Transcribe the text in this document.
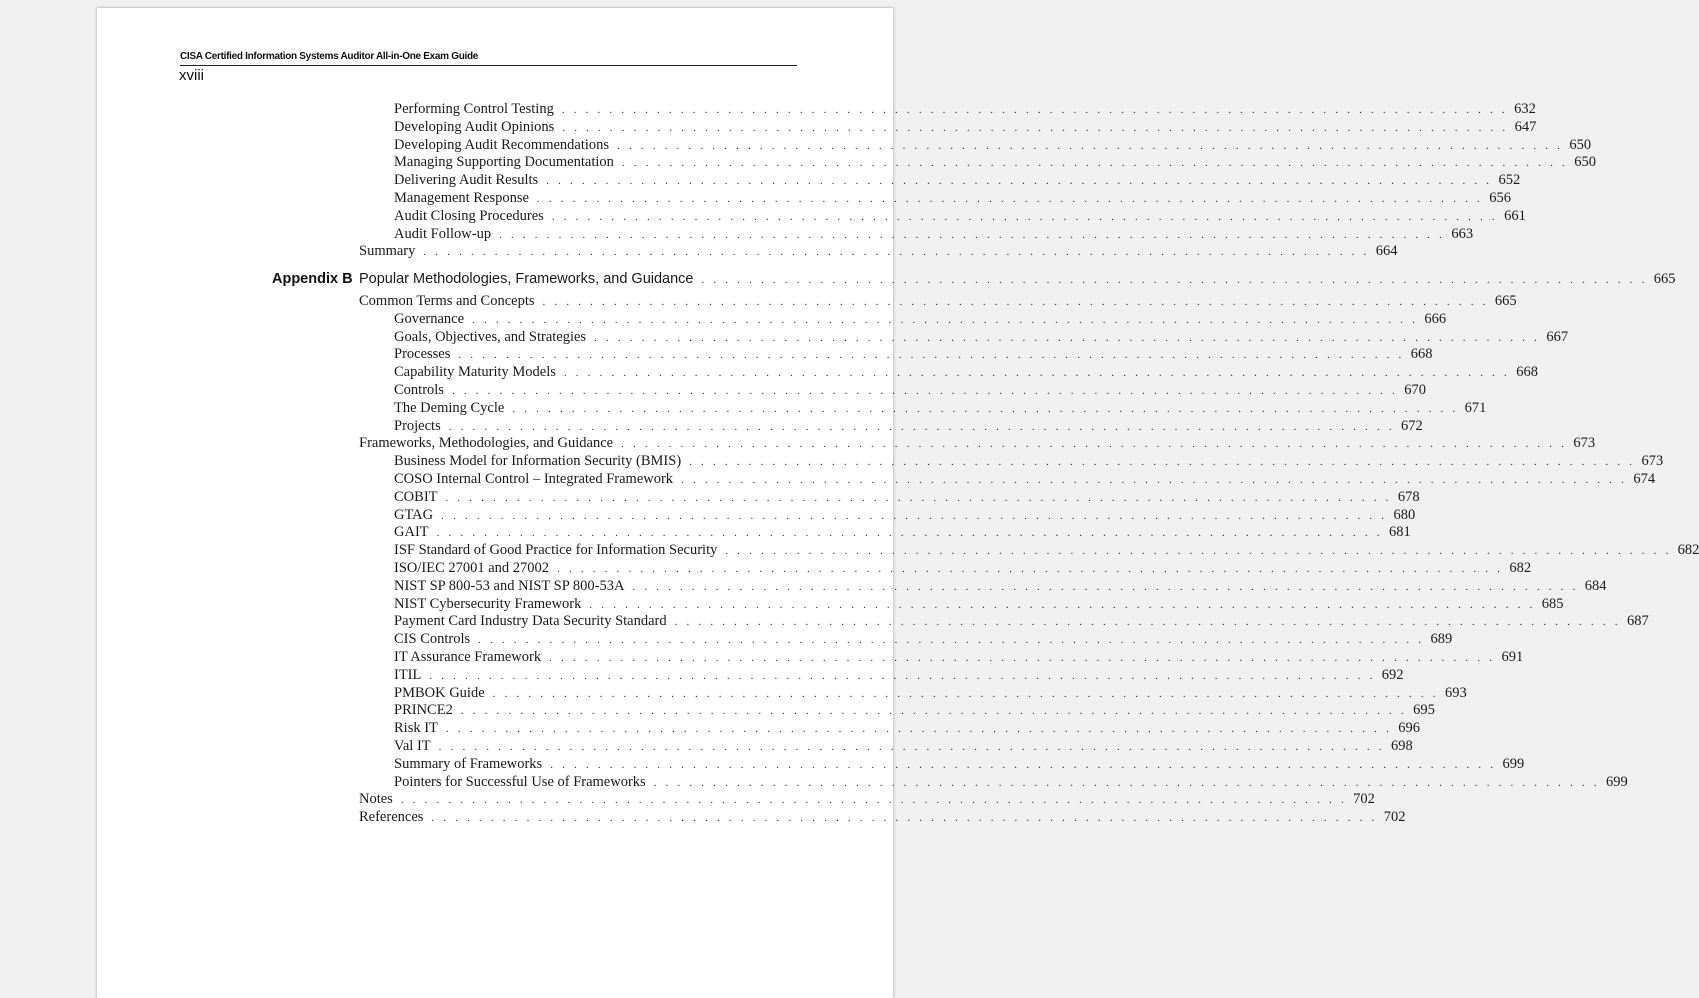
CISA Certified Information Systems Auditor All-in-One Exam Guide
xviii
Appendix B Popular Methodologies, Frameworks, and Guidance . . . . . . . . . . . . . . . . . . . . . . . . . . . . . . . . . . . . . . . . . . . . . . . . . . . . . . . . . . . . . . . . . . . . . . . . . . . . . . . . 665
Performing Control Testing . . . . . . . . . . . . . . . . . . . . . . . . . . . . . . . . . . . . . . . . . . . . . . . . . . . . . . . . . . . . . . . . . . . . . . . . . . . . . . . . 632
Developing Audit Opinions . . . . . . . . . . . . . . . . . . . . . . . . . . . . . . . . . . . . . . . . . . . . . . . . . . . . . . . . . . . . . . . . . . . . . . . . . . . . . . . . 647
Developing Audit Recommendations . . . . . . . . . . . . . . . . . . . . . . . . . . . . . . . . . . . . . . . . . . . . . . . . . . . . . . . . . . . . . . . . . . . . . . . . . . . . . . . . 650
Managing Supporting Documentation . . . . . . . . . . . . . . . . . . . . . . . . . . . . . . . . . . . . . . . . . . . . . . . . . . . . . . . . . . . . . . . . . . . . . . . . . . . . . . . . 650
Delivering Audit Results . . . . . . . . . . . . . . . . . . . . . . . . . . . . . . . . . . . . . . . . . . . . . . . . . . . . . . . . . . . . . . . . . . . . . . . . . . . . . . . . 652
Management Response . . . . . . . . . . . . . . . . . . . . . . . . . . . . . . . . . . . . . . . . . . . . . . . . . . . . . . . . . . . . . . . . . . . . . . . . . . . . . . . . 656
Audit Closing Procedures . . . . . . . . . . . . . . . . . . . . . . . . . . . . . . . . . . . . . . . . . . . . . . . . . . . . . . . . . . . . . . . . . . . . . . . . . . . . . . . . 661
Audit Follow-up . . . . . . . . . . . . . . . . . . . . . . . . . . . . . . . . . . . . . . . . . . . . . . . . . . . . . . . . . . . . . . . . . . . . . . . . . . . . . . . . 663
Summary . . . . . . . . . . . . . . . . . . . . . . . . . . . . . . . . . . . . . . . . . . . . . . . . . . . . . . . . . . . . . . . . . . . . . . . . . . . . . . . . 664
Common Terms and Concepts . . . . . . . . . . . . . . . . . . . . . . . . . . . . . . . . . . . . . . . . . . . . . . . . . . . . . . . . . . . . . . . . . . . . . . . . . . . . . . . . 665
Governance . . . . . . . . . . . . . . . . . . . . . . . . . . . . . . . . . . . . . . . . . . . . . . . . . . . . . . . . . . . . . . . . . . . . . . . . . . . . . . . . 666
Goals, Objectives, and Strategies . . . . . . . . . . . . . . . . . . . . . . . . . . . . . . . . . . . . . . . . . . . . . . . . . . . . . . . . . . . . . . . . . . . . . . . . . . . . . . . . 667
Processes . . . . . . . . . . . . . . . . . . . . . . . . . . . . . . . . . . . . . . . . . . . . . . . . . . . . . . . . . . . . . . . . . . . . . . . . . . . . . . . . 668
Capability Maturity Models . . . . . . . . . . . . . . . . . . . . . . . . . . . . . . . . . . . . . . . . . . . . . . . . . . . . . . . . . . . . . . . . . . . . . . . . . . . . . . . . 668
Controls . . . . . . . . . . . . . . . . . . . . . . . . . . . . . . . . . . . . . . . . . . . . . . . . . . . . . . . . . . . . . . . . . . . . . . . . . . . . . . . . 670
The Deming Cycle . . . . . . . . . . . . . . . . . . . . . . . . . . . . . . . . . . . . . . . . . . . . . . . . . . . . . . . . . . . . . . . . . . . . . . . . . . . . . . . . 671
Projects . . . . . . . . . . . . . . . . . . . . . . . . . . . . . . . . . . . . . . . . . . . . . . . . . . . . . . . . . . . . . . . . . . . . . . . . . . . . . . . . 672
Frameworks, Methodologies, and Guidance . . . . . . . . . . . . . . . . . . . . . . . . . . . . . . . . . . . . . . . . . . . . . . . . . . . . . . . . . . . . . . . . . . . . . . . . . . . . . . . . 673
Business Model for Information Security (BMIS) . . . . . . . . . . . . . . . . . . . . . . . . . . . . . . . . . . . . . . . . . . . . . . . . . . . . . . . . . . . . . . . . . . . . . . . . . . . . . . . . 673
COSO Internal Control – Integrated Framework . . . . . . . . . . . . . . . . . . . . . . . . . . . . . . . . . . . . . . . . . . . . . . . . . . . . . . . . . . . . . . . . . . . . . . . . . . . . . . . . 674
COBIT . . . . . . . . . . . . . . . . . . . . . . . . . . . . . . . . . . . . . . . . . . . . . . . . . . . . . . . . . . . . . . . . . . . . . . . . . . . . . . . . 678
GTAG . . . . . . . . . . . . . . . . . . . . . . . . . . . . . . . . . . . . . . . . . . . . . . . . . . . . . . . . . . . . . . . . . . . . . . . . . . . . . . . . 680
GAIT . . . . . . . . . . . . . . . . . . . . . . . . . . . . . . . . . . . . . . . . . . . . . . . . . . . . . . . . . . . . . . . . . . . . . . . . . . . . . . . . 681
ISF Standard of Good Practice for Information Security . . . . . . . . . . . . . . . . . . . . . . . . . . . . . . . . . . . . . . . . . . . . . . . . . . . . . . . . . . . . . . . . . . . . . . . . . . . . . . . . 682
ISO/IEC 27001 and 27002 . . . . . . . . . . . . . . . . . . . . . . . . . . . . . . . . . . . . . . . . . . . . . . . . . . . . . . . . . . . . . . . . . . . . . . . . . . . . . . . . 682
NIST SP 800-53 and NIST SP 800-53A . . . . . . . . . . . . . . . . . . . . . . . . . . . . . . . . . . . . . . . . . . . . . . . . . . . . . . . . . . . . . . . . . . . . . . . . . . . . . . . . 684
NIST Cybersecurity Framework . . . . . . . . . . . . . . . . . . . . . . . . . . . . . . . . . . . . . . . . . . . . . . . . . . . . . . . . . . . . . . . . . . . . . . . . . . . . . . . . 685
Payment Card Industry Data Security Standard . . . . . . . . . . . . . . . . . . . . . . . . . . . . . . . . . . . . . . . . . . . . . . . . . . . . . . . . . . . . . . . . . . . . . . . . . . . . . . . . 687
CIS Controls . . . . . . . . . . . . . . . . . . . . . . . . . . . . . . . . . . . . . . . . . . . . . . . . . . . . . . . . . . . . . . . . . . . . . . . . . . . . . . . . 689
IT Assurance Framework . . . . . . . . . . . . . . . . . . . . . . . . . . . . . . . . . . . . . . . . . . . . . . . . . . . . . . . . . . . . . . . . . . . . . . . . . . . . . . . . 691
ITIL . . . . . . . . . . . . . . . . . . . . . . . . . . . . . . . . . . . . . . . . . . . . . . . . . . . . . . . . . . . . . . . . . . . . . . . . . . . . . . . . 692
PMBOK Guide . . . . . . . . . . . . . . . . . . . . . . . . . . . . . . . . . . . . . . . . . . . . . . . . . . . . . . . . . . . . . . . . . . . . . . . . . . . . . . . . 693
PRINCE2 . . . . . . . . . . . . . . . . . . . . . . . . . . . . . . . . . . . . . . . . . . . . . . . . . . . . . . . . . . . . . . . . . . . . . . . . . . . . . . . . 695
Risk IT . . . . . . . . . . . . . . . . . . . . . . . . . . . . . . . . . . . . . . . . . . . . . . . . . . . . . . . . . . . . . . . . . . . . . . . . . . . . . . . . 696
Val IT . . . . . . . . . . . . . . . . . . . . . . . . . . . . . . . . . . . . . . . . . . . . . . . . . . . . . . . . . . . . . . . . . . . . . . . . . . . . . . . . 698
Summary of Frameworks . . . . . . . . . . . . . . . . . . . . . . . . . . . . . . . . . . . . . . . . . . . . . . . . . . . . . . . . . . . . . . . . . . . . . . . . . . . . . . . . 699
Pointers for Successful Use of Frameworks . . . . . . . . . . . . . . . . . . . . . . . . . . . . . . . . . . . . . . . . . . . . . . . . . . . . . . . . . . . . . . . . . . . . . . . . . . . . . . . . 699
Notes . . . . . . . . . . . . . . . . . . . . . . . . . . . . . . . . . . . . . . . . . . . . . . . . . . . . . . . . . . . . . . . . . . . . . . . . . . . . . . . . 702
References . . . . . . . . . . . . . . . . . . . . . . . . . . . . . . . . . . . . . . . . . . . . . . . . . . . . . . . . . . . . . . . . . . . . . . . . . . . . . . . . 702
